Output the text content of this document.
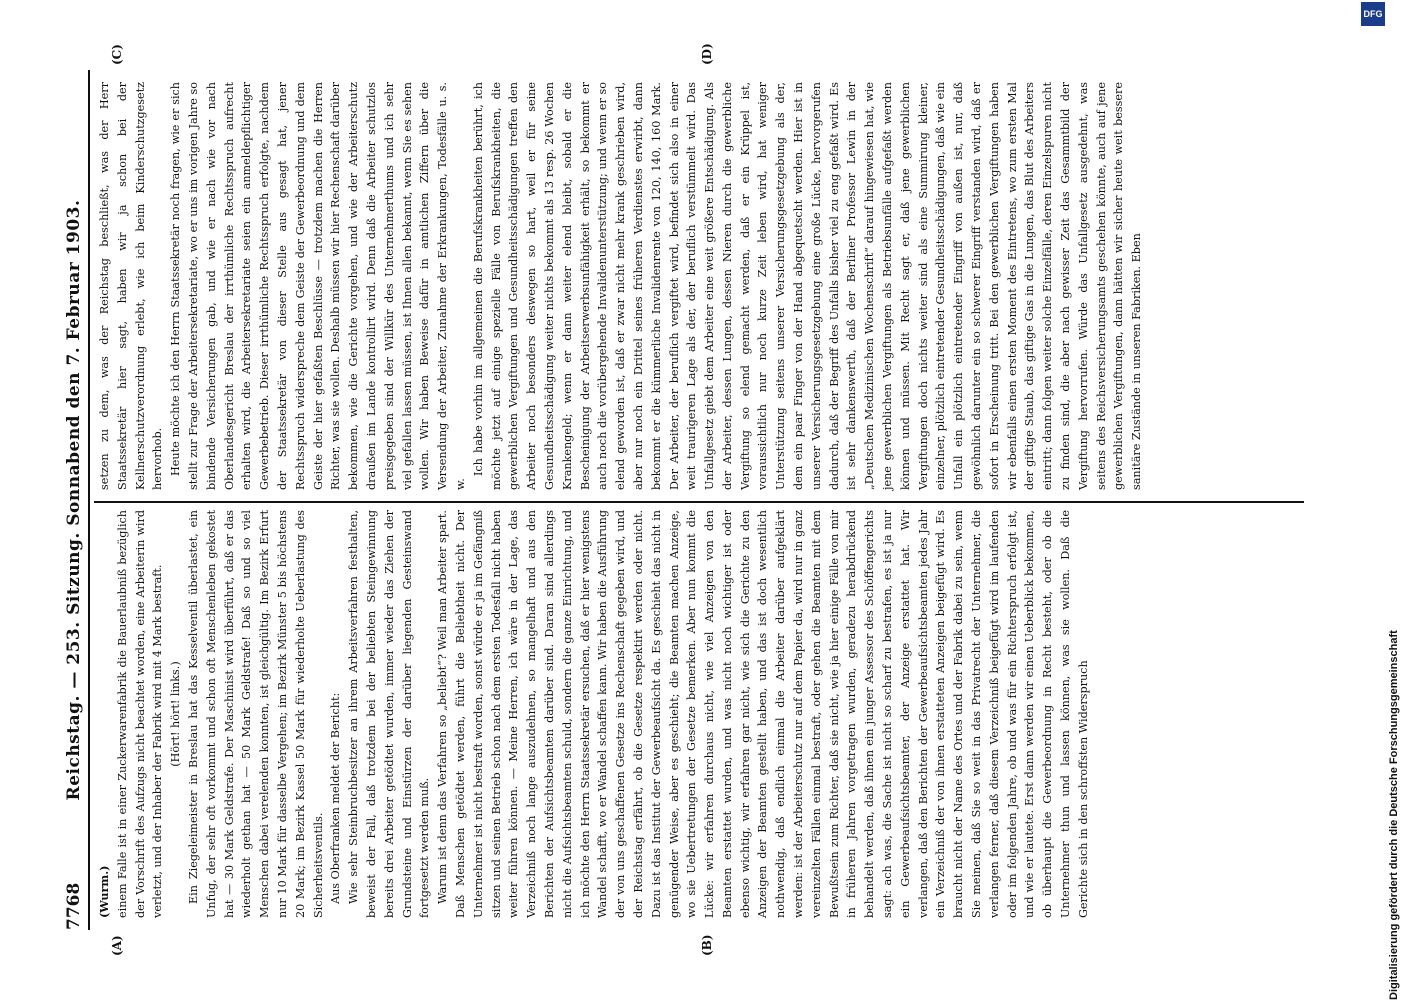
7768
Reichstag. — 253. Sitzung. Sonnabend den 7. Februar 1903.
(A)	(B)
(C)	(D)

(Wurm.) einem Falle ist in einer Zuckerwarenfabrik die Bauerlaubniß bezüglich der Vorschrift des Aufzugs nicht beachtet worden, eine Arbeiterin wird verletzt, und der Inhaber der Fabrik wird mit 4 Mark bestraft. (Hört! hört! links.) Ein Ziegeleimeister in Breslau hat das Kesselventil überlastet, ein Unfug, der sehr oft vorkommt und schon oft Menschenleben gekostet hat — 30 Mark Geldstrafe. Der Maschinist wird überführt, daß er das wiederholt gethan hat — 50 Mark Geldstrafe! Daß so und so viel Menschen dabei verelenden konnten, ist gleichgültig. Im Bezirk Erfurt nur 10 Mark für dasselbe Vergehen; im Bezirk Münster 5 bis höchstens 20 Mark; im Bezirk Kassel 50 Mark für wiederholte Ueberlastung des Sicherheitsventils. Aus Oberfranken meldet der Bericht: Wie sehr Steinbruchbesitzer an ihrem Arbeitsverfahren festhalten, beweist der Fall, daß trotzdem bei der beliebten Steingewinnung bereits drei Arbeiter getödtet wurden, immer wieder das Ziehen der Grundsteine und Einstürzen der darüber liegenden Gesteinswand fortgesetzt werden muß. Warum ist denn das Verfahren so „beliebt“? Weil man Arbeiter spart. Daß Menschen getödtet werden, führt die Beliebtheit nicht. Der Unternehmer ist nicht bestraft worden, sonst würde er ja im Gefängniß sitzen und seinen Betrieb schon nach dem ersten Todesfall nicht haben weiter führen können. — Meine Herren, ich wäre in der Lage, das Verzeichniß noch lange auszudehnen, so mangelhaft und aus den Berichten der Aufsichtsbeamten darüber sind. Daran sind allerdings nicht die Aufsichtsbeamten schuld, sondern die ganze Einrichtung, und ich möchte den Herrn Staatssekretär ersuchen, daß er hier wenigstens Wandel schafft, wo er Wandel schaffen kann. Wir haben die Ausführung der von uns geschaffenen Gesetze ins Rechenschaft gegeben wird, und der Reichstag erfährt, ob die Gesetze respektirt werden oder nicht. Dazu ist das Institut der Gewerbeaufsicht da. Es geschieht das nicht in genügender Weise, aber es geschieht; die Beamten machen Anzeige, wo sie Uebertretungen der Gesetze bemerken. Aber nun kommt die Lücke: wir erfahren durchaus nicht, wie viel Anzeigen von den Beamten erstattet wurden, und was nicht noch wichtiger ist oder ebenso wichtig, wir erfahren gar nicht, wie sich die Gerichte zu den Anzeigen der Beamten gestellt haben, und das ist doch wesentlich nothwendig, daß endlich einmal die Arbeiter darüber aufgeklärt werden: ist der Arbeiterschutz nur auf dem Papier da, wird nur in ganz vereinzelten Fällen einmal bestraft, oder gehen die Beamten mit dem Bewußtsein zum Richter, daß sie nicht, wie ja hier einige Fälle von mir in früheren Jahren vorgetragen wurden, geradezu herabdrückend behandelt werden, daß ihnen ein junger Assessor des Schöffengerichts sagt: ach was, die Sache ist nicht so scharf zu bestrafen, es ist ja nur ein Gewerbeaufsichtsbeamter, der Anzeige erstattet hat. Wir verlangen, daß den Berichten der Gewerbeaufsichtsbeamten jedes Jahr ein Verzeichniß der von ihnen erstatteten Anzeigen beigefügt wird. Es braucht nicht der Name des Ortes und der Fabrik dabei zu sein, wenn Sie meinen, daß Sie so weit in das Privatrecht der Unternehmer, die verlangen ferner, daß diesem Verzeichniß beigefügt wird im laufenden oder im folgenden Jahre, ob und was für ein Richterspruch erfolgt ist, und wie er lautete. Erst dann werden wir einen Ueberblick bekommen, ob überhaupt die Gewerbeordnung in Recht besteht, oder ob die Unternehmer thun und lassen können, was sie wollen. Daß die Gerichte sich in den schroffsten Widerspruch

setzen zu dem, was der Reichstag beschließt, was der Herr Staatssekretär hier sagt, haben wir ja schon bei der Kellnerschutzverordnung erlebt, wie ich beim Kinderschutzgesetz hervorhob. Heute möchte ich den Herrn Staatssekretär noch fragen, wie er sich stellt zur Frage der Arbeitersekretariate, wo er uns im vorigen Jahre so bindende Versicherungen gab, und wie er nach wie vor nach Oberlandesgericht Breslau der irrthümliche Rechtsspruch aufrecht erhalten wird, die Arbeitersekretariate seien ein anmeldepflichtiger Gewerbebetrieb. Dieser irrthümliche Rechtsspruch erfolgte, nachdem der Staatssekretär von dieser Stelle aus gesagt hat, jener Rechtsspruch widerspreche dem Geiste der Gewerbeordnung und dem Geiste der hier gefaßten Beschlüsse — trotzdem machen die Herren Richter, was sie wollen. Deshalb müssen wir hier Rechenschaft darüber bekommen, wie die Gerichte vorgehen, und wie der Arbeiterschutz draußen im Lande kontrollirt wird. Denn daß die Arbeiter schutzlos preisgegeben sind der Willkür des Unternehmerthums und ich sehr viel gefallen lassen müssen, ist Ihnen allen bekannt, wenn Sie es sehen wollen. Wir haben Beweise dafür in amtlichen Ziffern über die Versendung der Arbeiter, Zunahme der Erkrankungen, Todesfälle u. s. w.

Ich habe vorhin im allgemeinen die Berufskrankheiten berührt, ich möchte jetzt auf einige spezielle Fälle von Berufskrankheiten, die gewerblichen Vergiftungen und Gesundheitsschädigungen treffen den Arbeiter noch besonders deswegen so hart, weil er für seine Gesundheitsschädigung weiter nichts bekommt als 13 resp. 26 Wochen Krankengeld; wenn er dann weiter elend bleibt, sobald er die Bescheinigung der Arbeitserwerbsunfähigkeit erhält, so bekommt er auch noch die vorübergehende Invalidenunterstützung; und wenn er so elend geworden ist, daß er zwar nicht mehr krank geschrieben wird, aber nur noch ein Drittel seines früheren Verdienstes erwirbt, dann bekommt er die kümmerliche Invalidenrente von 120, 140, 160 Mark. Der Arbeiter, der beruflich vergiftet wird, befindet sich also in einer weit traurigeren Lage als der, der beruflich verstümmelt wird. Das Unfallgesetz giebt dem Arbeiter eine weit größere Entschädigung. Als der Arbeiter, dessen Lungen, dessen Nieren durch die gewerbliche Vergiftung so elend gemacht werden, daß er ein Krüppel ist, voraussichtlich nur noch kurze Zeit leben wird, hat weniger Unterstützung seitens unserer Versicherungsgesetzgebung als der, dem ein paar Finger von der Hand abgequetscht werden. Hier ist in unserer Versicherungsgesetzgebung eine große Lücke, hervorgerufen dadurch, daß der Begriff des Unfalls bisher viel zu eng gefaßt wird. Es ist sehr dankenswerth, daß der Berliner Professor Lewin in der „Deutschen Medizinischen Wochenschrift“ darauf hingewiesen hat, wie jene gewerblichen Vergiftungen als Betriebsunfälle aufgefaßt werden können und müssen. Mit Recht sagt er, daß jene gewerblichen Vergiftungen doch nichts weiter sind als eine Summirung kleiner, einzelner, plötzlich eintretender Gesundheitsschädigungen, daß wie ein Unfall ein plötzlich eintretender Eingriff von außen ist, nur, daß gewöhnlich darunter ein so schwerer Eingriff verstanden wird, daß er sofort in Erscheinung tritt. Bei den gewerblichen Vergiftungen haben wir ebenfalls einen ersten Moment des Eintretens, wo zum ersten Mal der giftige Staub, das giftige Gas in die Lungen, das Blut des Arbeiters eintritt; dann folgen weiter solche Einzelfälle, deren Einzelspuren nicht zu finden sind, die aber nach gewisser Zeit das Gesammtbild der Vergiftung hervorrufen. Würde das Unfallgesetz ausgedehnt, was seitens des Reichsversicherungsamts geschehen könnte, auch auf jene gewerblichen Vergiftungen, dann hätten wir sicher heute weit bessere sanitäre Zustände in unseren Fabriken. Eben

DFG
Digitalisierung gefördert durch die Deutsche Forschungsgemeinschaft
